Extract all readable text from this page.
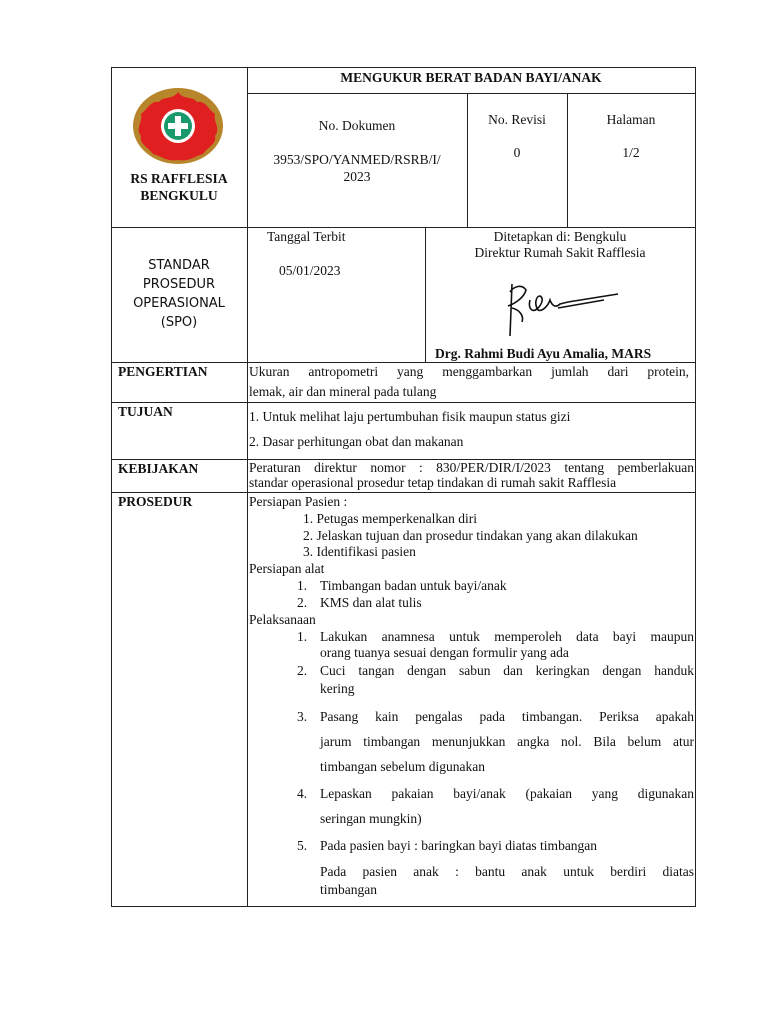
RS RAFFLESIA
BENGKULU
MENGUKUR BERAT BADAN BAYI/ANAK
No. Dokumen
3953/SPO/YANMED/RSRB/I/
2023
No. Revisi
0
Halaman
1/2
STANDAR
PROSEDUR
OPERASIONAL
(SPO)
Tanggal Terbit
05/01/2023
Ditetapkan di: Bengkulu
Direktur Rumah Sakit Rafflesia
Drg. Rahmi Budi Ayu Amalia, MARS
PENGERTIAN	Ukuran antropometri yang menggambarkan jumlah dari protein,
lemak, air dan mineral pada tulang
TUJUAN	1. Untuk melihat laju pertumbuhan fisik maupun status gizi
2. Dasar perhitungan obat dan makanan
KEBIJAKAN	Peraturan direktur nomor : 830/PER/DIR/I/2023 tentang pemberlakuan
standar operasional prosedur tetap tindakan di rumah sakit Rafflesia
PROSEDUR	Persiapan Pasien :
1. Petugas memperkenalkan diri
2. Jelaskan tujuan dan prosedur tindakan yang akan dilakukan
3. Identifikasi pasien
Persiapan alat
1. Timbangan badan untuk bayi/anak
2. KMS dan alat tulis
Pelaksanaan
1. Lakukan anamnesa untuk memperoleh data bayi maupun
orang tuanya sesuai dengan formulir yang ada
2. Cuci tangan dengan sabun dan keringkan dengan handuk
kering
3. Pasang kain pengalas pada timbangan. Periksa apakah
jarum timbangan menunjukkan angka nol. Bila belum atur
timbangan sebelum digunakan
4. Lepaskan pakaian bayi/anak (pakaian yang digunakan
seringan mungkin)
5. Pada pasien bayi : baringkan bayi diatas timbangan
Pada pasien anak : bantu anak untuk berdiri diatas
timbangan
